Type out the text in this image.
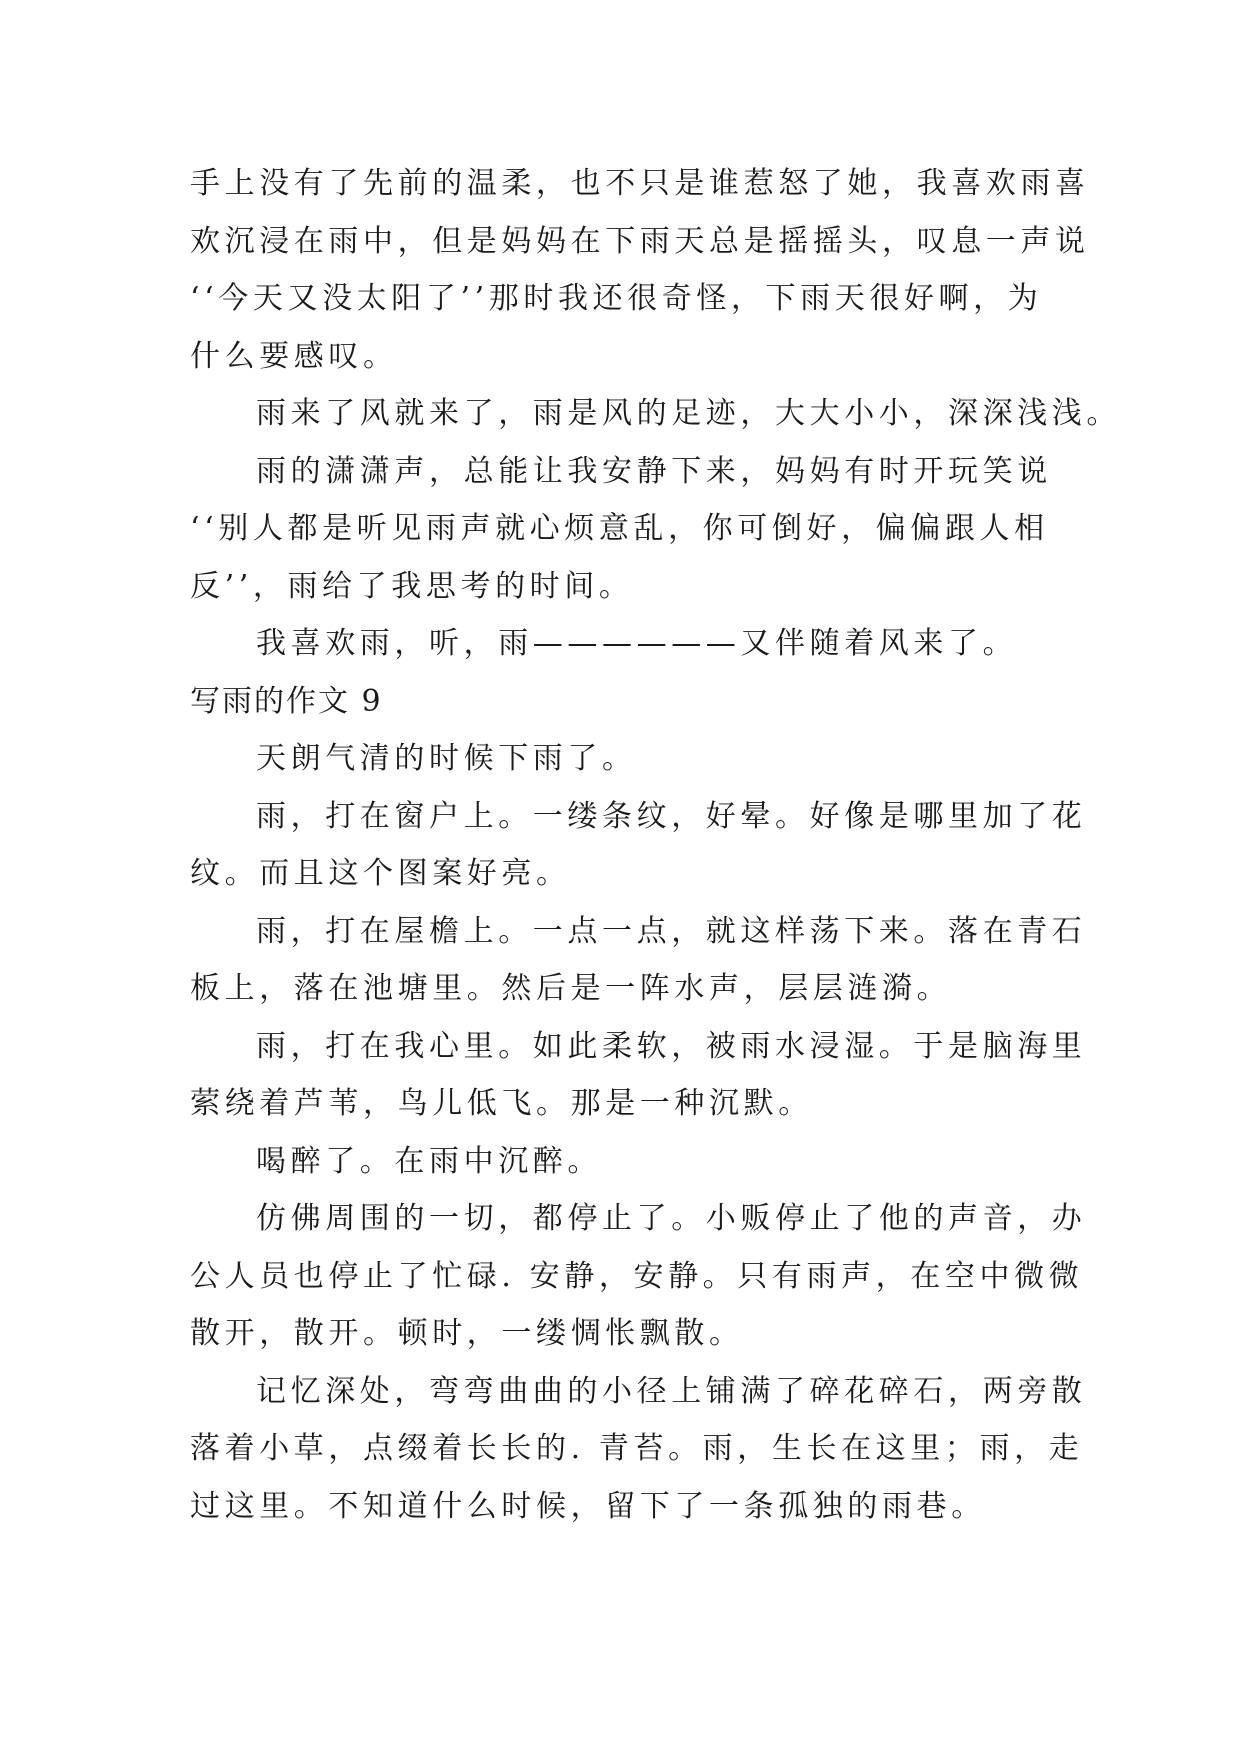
手上没有了先前的温柔，也不只是谁惹怒了她，我喜欢雨喜
欢沉浸在雨中，但是妈妈在下雨天总是摇摇头，叹息一声说
‘‘今天又没太阳了’’那时我还很奇怪，下雨天很好啊，为
什么要感叹。
雨来了风就来了，雨是风的足迹，大大小小，深深浅浅。
雨的潇潇声，总能让我安静下来，妈妈有时开玩笑说
‘‘别人都是听见雨声就心烦意乱，你可倒好，偏偏跟人相
反’’，雨给了我思考的时间。
我喜欢雨，听，雨——————又伴随着风来了。
写雨的作文 9
天朗气清的时候下雨了。
雨，打在窗户上。一缕条纹，好晕。好像是哪里加了花
纹。而且这个图案好亮。
雨，打在屋檐上。一点一点，就这样荡下来。落在青石
板上，落在池塘里。然后是一阵水声，层层涟漪。
雨，打在我心里。如此柔软，被雨水浸湿。于是脑海里
萦绕着芦苇，鸟儿低飞。那是一种沉默。
喝醉了。在雨中沉醉。
仿佛周围的一切，都停止了。小贩停止了他的声音，办
公人员也停止了忙碌. 安静，安静。只有雨声，在空中微微
散开，散开。顿时，一缕惆怅飘散。
记忆深处，弯弯曲曲的小径上铺满了碎花碎石，两旁散
落着小草，点缀着长长的. 青苔。雨，生长在这里；雨，走
过这里。不知道什么时候，留下了一条孤独的雨巷。
